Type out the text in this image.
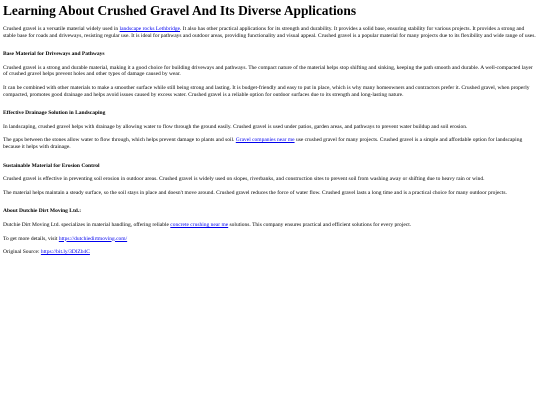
Learning About Crushed Gravel And Its Diverse Applications

Crushed gravel is a versatile material widely used in landscape rocks Lethbridge. It also has other practical applications for its strength and durability. It provides a solid base, ensuring stability for various projects. It provides a strong and stable base for roads and driveways, resisting regular use. It is ideal for pathways and outdoor areas, providing functionality and visual appeal. Crushed gravel is a popular material for many projects due to its flexibility and wide range of uses.

Base Material for Driveways and Pathways

Crushed gravel is a strong and durable material, making it a good choice for building driveways and pathways. The compact nature of the material helps stop shifting and sinking, keeping the path smooth and durable. A well-compacted layer of crushed gravel helps prevent holes and other types of damage caused by wear.

It can be combined with other materials to make a smoother surface while still being strong and lasting. It is budget-friendly and easy to put in place, which is why many homeowners and contractors prefer it. Crushed gravel, when properly compacted, promotes good drainage and helps avoid issues caused by excess water. Crushed gravel is a reliable option for outdoor surfaces due to its strength and long-lasting nature.

Effective Drainage Solution in Landscaping

In landscaping, crushed gravel helps with drainage by allowing water to flow through the ground easily. Crushed gravel is used under patios, garden areas, and pathways to prevent water buildup and soil erosion.

The gaps between the stones allow water to flow through, which helps prevent damage to plants and soil. Gravel companies near me use crushed gravel for many projects. Crushed gravel is a simple and affordable option for landscaping because it helps with drainage.

Sustainable Material for Erosion Control

Crushed gravel is effective in preventing soil erosion in outdoor areas. Crushed gravel is widely used on slopes, riverbanks, and construction sites to prevent soil from washing away or shifting due to heavy rain or wind.

The material helps maintain a steady surface, so the soil stays in place and doesn't move around. Crushed gravel reduces the force of water flow. Crushed gravel lasts a long time and is a practical choice for many outdoor projects.

About Dutchie Dirt Moving Ltd.:

Dutchie Dirt Moving Ltd. specializes in material handling, offering reliable concrete crushing near me solutions. This company ensures practical and efficient solutions for every project.

To get more details, visit https://dutchiedirtmoving.com/

Original Source: https://bit.ly/3DlZb4C
